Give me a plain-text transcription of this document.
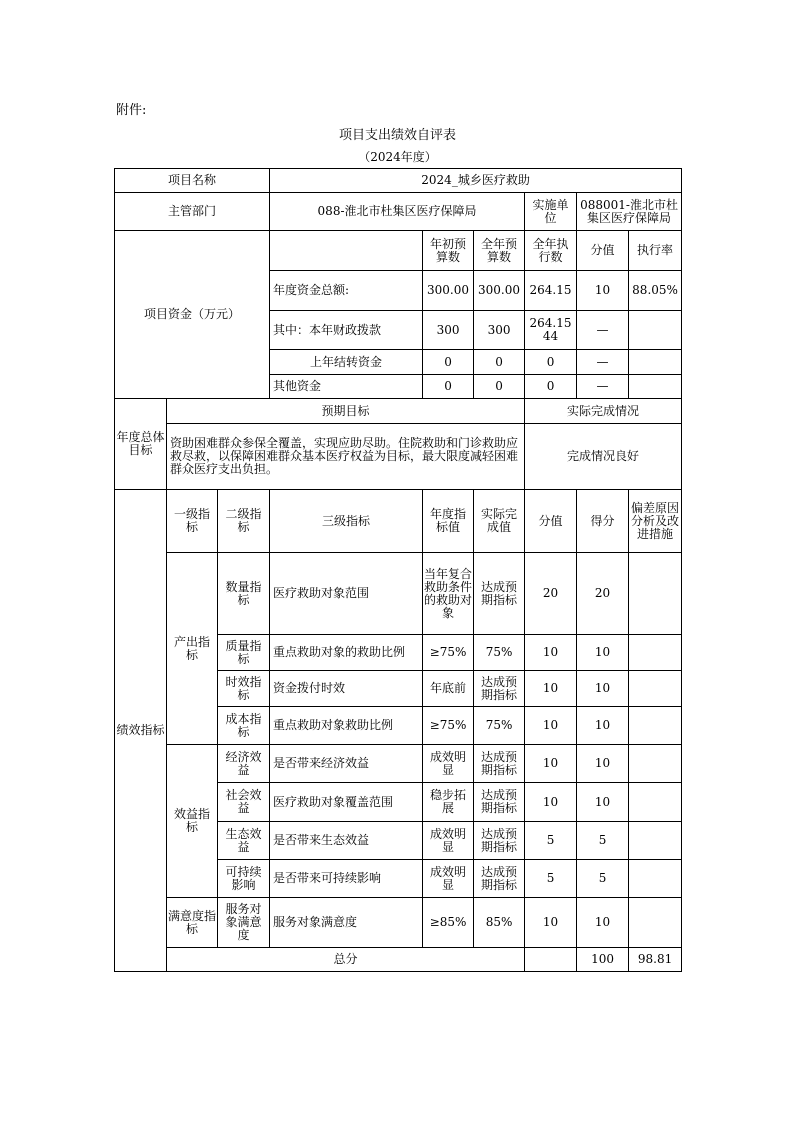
附件:
项目支出绩效自评表
（2024年度）
项目名称			2024_城乡医疗救助						
主管部门			088-淮北市杜集区医疗保障局			实施单位	088001-淮北市杜集区医疗保障局		
项目资金（万元）				年初预算数	全年预算数	全年执行数	分值	执行率	
			年度资金总额:	300.00	300.00	264.15	10	88.05%	
			其中：本年财政拨款	300	300	264.1544	—		
			上年结转资金	0	0	0	—		
			其他资金	0	0	0	—		
年度总体目标	预期目标					实际完成情况			
	资助困难群众参保全覆盖，实现应助尽助。住院救助和门诊救助应救尽救，以保障困难群众基本医疗权益为目标，最大限度减轻困难群众医疗支出负担。					完成情况良好			
绩效指标	一级指标	二级指标	三级指标	年度指标值	实际完成值	分值	得分	偏差原因分析及改进措施	
	产出指标	数量指标	医疗救助对象范围	当年复合救助条件的救助对象	达成预期指标	20	20		
		质量指标	重点救助对象的救助比例	≥75%	75%	10	10		
		时效指标	资金拨付时效	年底前	达成预期指标	10	10		
		成本指标	重点救助对象救助比例	≥75%	75%	10	10		
	效益指标	经济效益	是否带来经济效益	成效明显	达成预期指标	10	10		
		社会效益	医疗救助对象覆盖范围	稳步拓展	达成预期指标	10	10		
		生态效益	是否带来生态效益	成效明显	达成预期指标	5	5		
		可持续影响	是否带来可持续影响	成效明显	达成预期指标	5	5		
	满意度指标	服务对象满意度	服务对象满意度	≥85%	85%	10	10		
	总分						100	98.81	
